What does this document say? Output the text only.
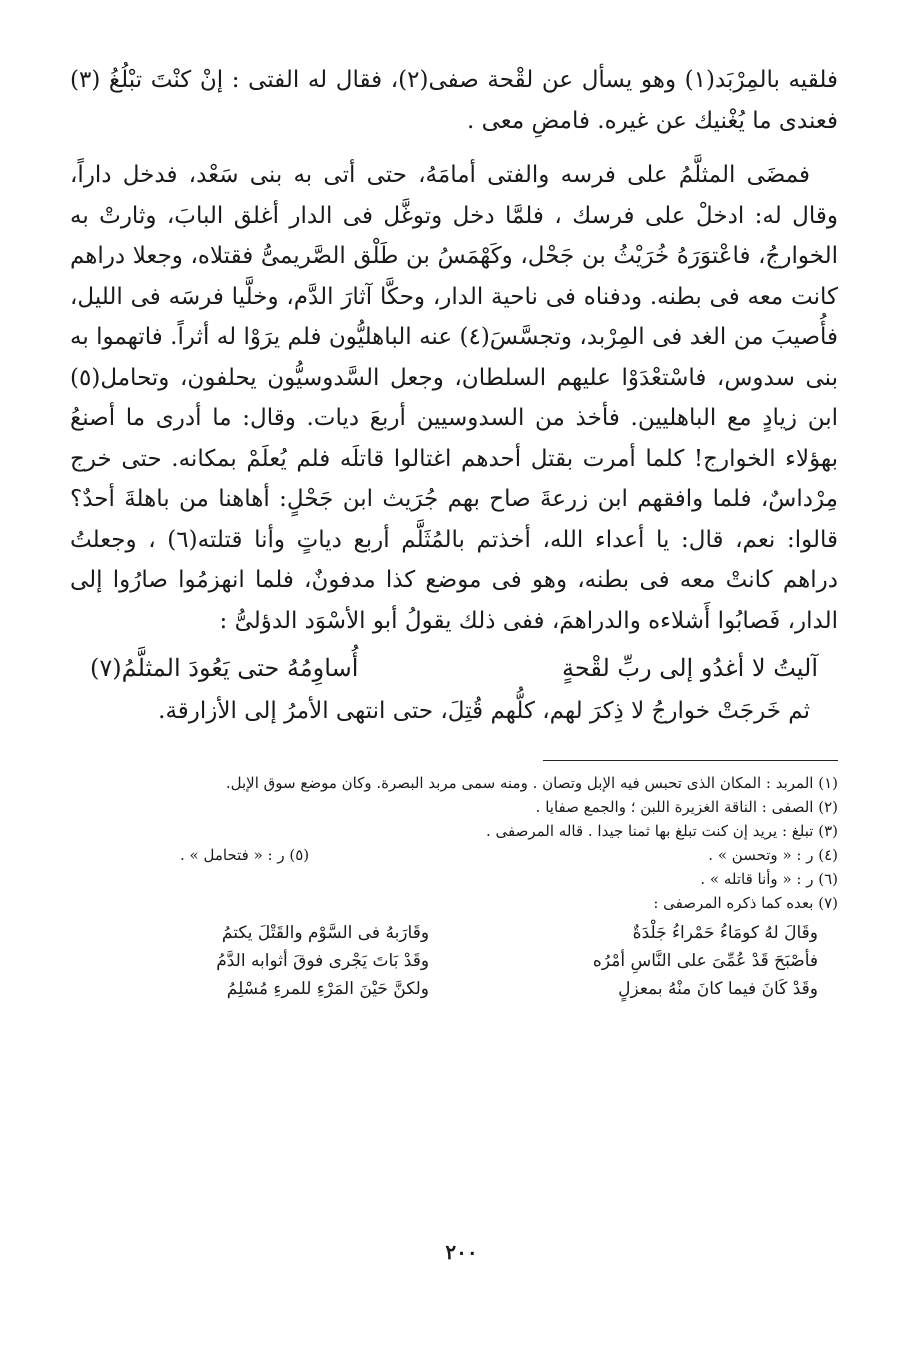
فلقيه بالمِرْبَد(١) وهو يسأل عن لقْحة صفى(٢)، فقال له الفتى : إنْ كنْتَ تبْلُغُ (٣) فعندى ما يُغْنيك عن غيره. فامضِ معى .

فمضَى المثلَّمُ على فرسه والفتى أمامَهُ، حتى أتى به بنى سَعْد، فدخل داراً، وقال له: ادخلْ على فرسك ، فلمَّا دخل وتوغَّل فى الدار أغلق البابَ، وثارتْ به الخوارجُ، فاعْتوَرَهُ خُرَيْثُ بن جَحْل، وكَهْمَسُ بن طَلْق الصَّريمىُّ فقتلاه، وجعلا دراهم كانت معه فى بطنه. ودفناه فى ناحية الدار، وحكَّا آثارَ الدَّم، وخلَّيا فرسَه فى الليل، فأُصيبَ من الغد فى المِرْبد، وتجسَّسَ(٤) عنه الباهليُّون فلم يرَوْا له أثراً. فاتهموا به بنى سدوس، فاسْتعْدَوْا عليهم السلطان، وجعل السَّدوسيُّون يحلفون، وتحامل(٥) ابن زيادٍ مع الباهليين. فأخذ من السدوسيين أربعَ ديات. وقال: ما أدرى ما أصنعُ بهؤلاء الخوارج! كلما أمرت بقتل أحدهم اغتالوا قاتلَه فلم يُعلَمْ بمكانه. حتى خرج مِرْداسٌ، فلما وافقهم ابن زرعةَ صاح بهم جُرَيث ابن جَحْلٍ: أهاهنا من باهلةَ أحدٌ؟ قالوا: نعم، قال: يا أعداء الله، أخذتم بالمُثَلَّم أربع دياتٍ وأنا قتلته(٦) ، وجعلتُ دراهم كانتْ معه فى بطنه، وهو فى موضع كذا مدفونٌ، فلما انهزمُوا صارُوا إلى الدار، فَصابُوا أَشلاءه والدراهمَ، ففى ذلك يقولُ أبو الأسْوَد الدؤلىُّ :

آليتُ لا أغدُو إلى ربِّ لقْحةٍ
أُساوِمُهُ حتى يَعُودَ المثلَّمُ(٧)

ثم خَرجَتْ خوارجُ لا ذِكرَ لهم، كلُّهم قُتِلَ، حتى انتهى الأمرُ إلى الأزارقة.

(١) المربد : المكان الذى تحبس فيه الإبل وتصان . ومنه سمى مربد البصرة. وكان موضع سوق الإبل.
(٢) الصفى : الناقة الغزيرة اللبن ؛ والجمع صفايا .
(٣) تبلغ : يريد إن كنت تبلغ بها ثمنا جيدا . قاله المرصفى .
(٤) ر : « وتحسن » .
(٥) ر : « فتحامل » .
(٦) ر : « وأنا قاتله » .
(٧) بعده كما ذكره المرصفى :
وقَالَ لهُ كومَاءُ حَمْراءُ جَلْدَةٌ
وقَارَبهُ فى السَّوْم والقَتْلَ يكتمُ
فأصْبَحَ قَدْ عُمِّىَ على النَّاسِ أمْرُه
وقَدْ بَاتَ يَجْرى فوقَ أثوابه الدَّمُ
وقَدْ كَانَ فيما كانَ منْهُ بمعزلٍ
ولكنَّ حَيْنَ المَرْءِ للمرءِ مُسْلِمُ
٢٠٠
